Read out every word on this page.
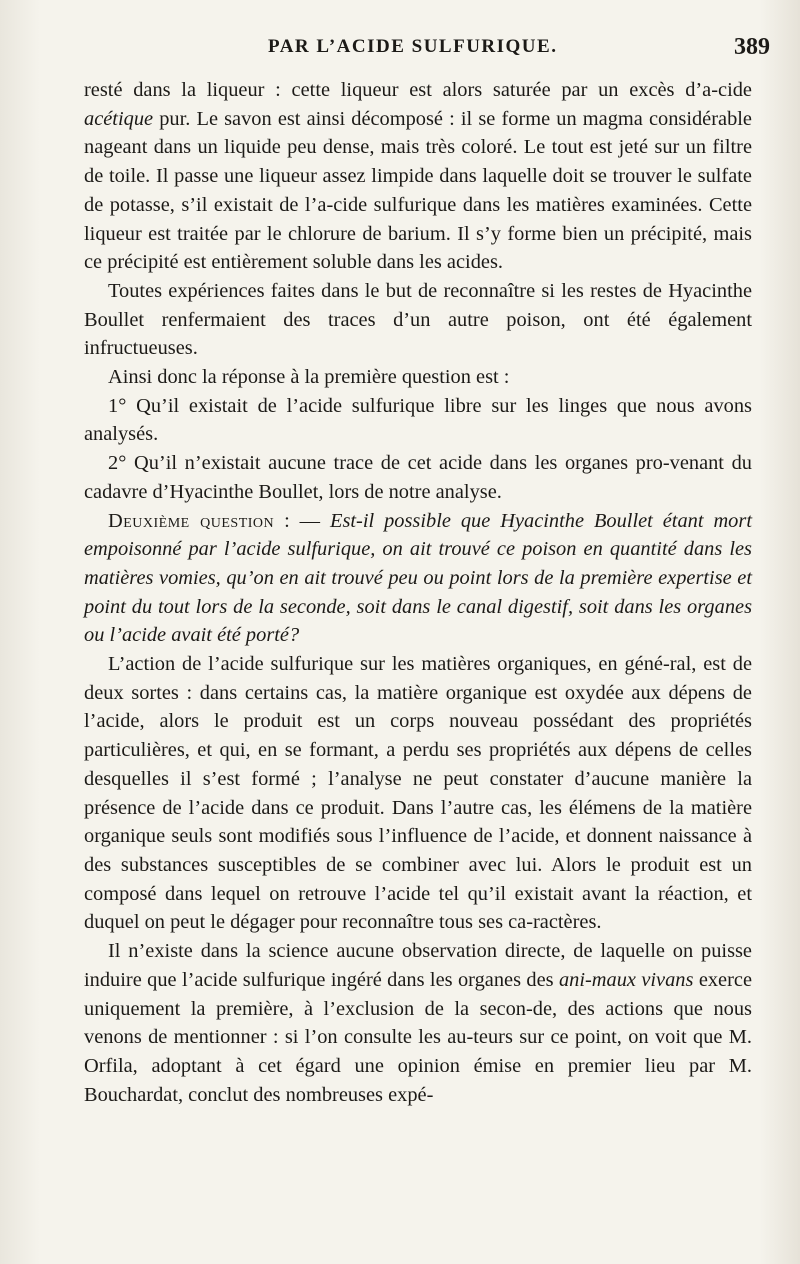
PAR L’ACIDE SULFURIQUE.	389

resté dans la liqueur : cette liqueur est alors saturée par un excès d’a-cide acétique pur. Le savon est ainsi décomposé : il se forme un magma considérable nageant dans un liquide peu dense, mais très coloré. Le tout est jeté sur un filtre de toile. Il passe une liqueur assez limpide dans laquelle doit se trouver le sulfate de potasse, s’il existait de l’a-cide sulfurique dans les matières examinées. Cette liqueur est traitée par le chlorure de barium. Il s’y forme bien un précipité, mais ce précipité est entièrement soluble dans les acides.

Toutes expériences faites dans le but de reconnaître si les restes de Hyacinthe Boullet renfermaient des traces d’un autre poison, ont été également infructueuses.

Ainsi donc la réponse à la première question est :

1° Qu’il existait de l’acide sulfurique libre sur les linges que nous avons analysés.

2° Qu’il n’existait aucune trace de cet acide dans les organes pro-venant du cadavre d’Hyacinthe Boullet, lors de notre analyse.

Deuxième question : — Est-il possible que Hyacinthe Boullet étant mort empoisonné par l’acide sulfurique, on ait trouvé ce poison en quantité dans les matières vomies, qu’on en ait trouvé peu ou point lors de la première expertise et point du tout lors de la seconde, soit dans le canal digestif, soit dans les organes ou l’acide avait été porté?

L’action de l’acide sulfurique sur les matières organiques, en géné-ral, est de deux sortes : dans certains cas, la matière organique est oxydée aux dépens de l’acide, alors le produit est un corps nouveau possédant des propriétés particulières, et qui, en se formant, a perdu ses propriétés aux dépens de celles desquelles il s’est formé ; l’analyse ne peut constater d’aucune manière la présence de l’acide dans ce produit. Dans l’autre cas, les élémens de la matière organique seuls sont modifiés sous l’influence de l’acide, et donnent naissance à des substances susceptibles de se combiner avec lui. Alors le produit est un composé dans lequel on retrouve l’acide tel qu’il existait avant la réaction, et duquel on peut le dégager pour reconnaître tous ses ca-ractères.

Il n’existe dans la science aucune observation directe, de laquelle on puisse induire que l’acide sulfurique ingéré dans les organes des ani-maux vivans exerce uniquement la première, à l’exclusion de la secon-de, des actions que nous venons de mentionner : si l’on consulte les au-teurs sur ce point, on voit que M. Orfila, adoptant à cet égard une opinion émise en premier lieu par M. Bouchardat, conclut des nombreuses expé-
